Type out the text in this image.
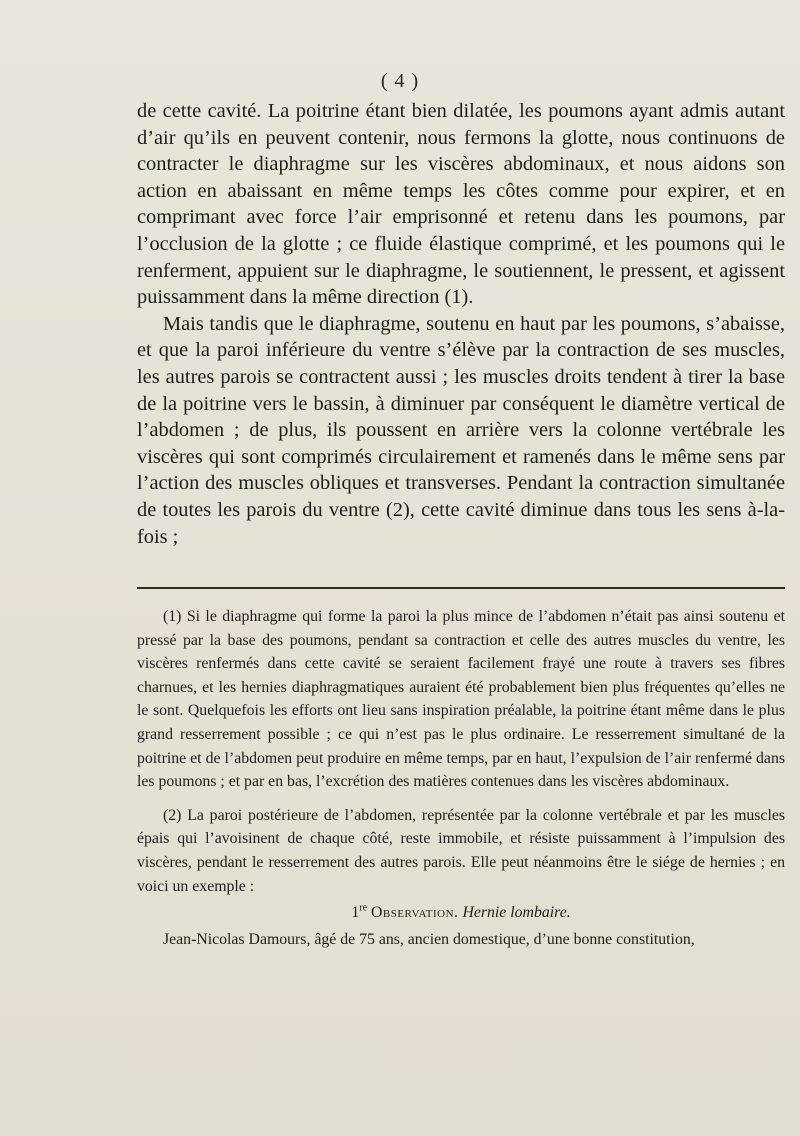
( 4 )

de cette cavité. La poitrine étant bien dilatée, les poumons ayant admis autant d’air qu’ils en peuvent contenir, nous fermons la glotte, nous continuons de contracter le diaphragme sur les viscères abdominaux, et nous aidons son action en abaissant en même temps les côtes comme pour expirer, et en comprimant avec force l’air emprisonné et retenu dans les poumons, par l’occlusion de la glotte ; ce fluide élastique comprimé, et les poumons qui le renferment, appuient sur le diaphragme, le soutiennent, le pressent, et agissent puissamment dans la même direction (1).

Mais tandis que le diaphragme, soutenu en haut par les poumons, s’abaisse, et que la paroi inférieure du ventre s’élève par la contraction de ses muscles, les autres parois se contractent aussi ; les muscles droits tendent à tirer la base de la poitrine vers le bassin, à diminuer par conséquent le diamètre vertical de l’abdomen ; de plus, ils poussent en arrière vers la colonne vertébrale les viscères qui sont comprimés circulairement et ramenés dans le même sens par l’action des muscles obliques et transverses. Pendant la contraction simultanée de toutes les parois du ventre (2), cette cavité diminue dans tous les sens à-la-fois ;

(1) Si le diaphragme qui forme la paroi la plus mince de l’abdomen n’était pas ainsi soutenu et pressé par la base des poumons, pendant sa contraction et celle des autres muscles du ventre, les viscères renfermés dans cette cavité se seraient facilement frayé une route à travers ses fibres charnues, et les hernies diaphragmatiques auraient été probablement bien plus fréquentes qu’elles ne le sont. Quelquefois les efforts ont lieu sans inspiration préalable, la poitrine étant même dans le plus grand resserrement possible ; ce qui n’est pas le plus ordinaire. Le resserrement simultané de la poitrine et de l’abdomen peut produire en même temps, par en haut, l’expulsion de l’air renfermé dans les poumons ; et par en bas, l’excrétion des matières contenues dans les viscères abdominaux.

(2) La paroi postérieure de l’abdomen, représentée par la colonne vertébrale et par les muscles épais qui l’avoisinent de chaque côté, reste immobile, et résiste puissamment à l’impulsion des viscères, pendant le resserrement des autres parois. Elle peut néanmoins être le siége de hernies ; en voici un exemple :

1re Observation. Hernie lombaire.

Jean-Nicolas Damours, âgé de 75 ans, ancien domestique, d’une bonne constitution,
